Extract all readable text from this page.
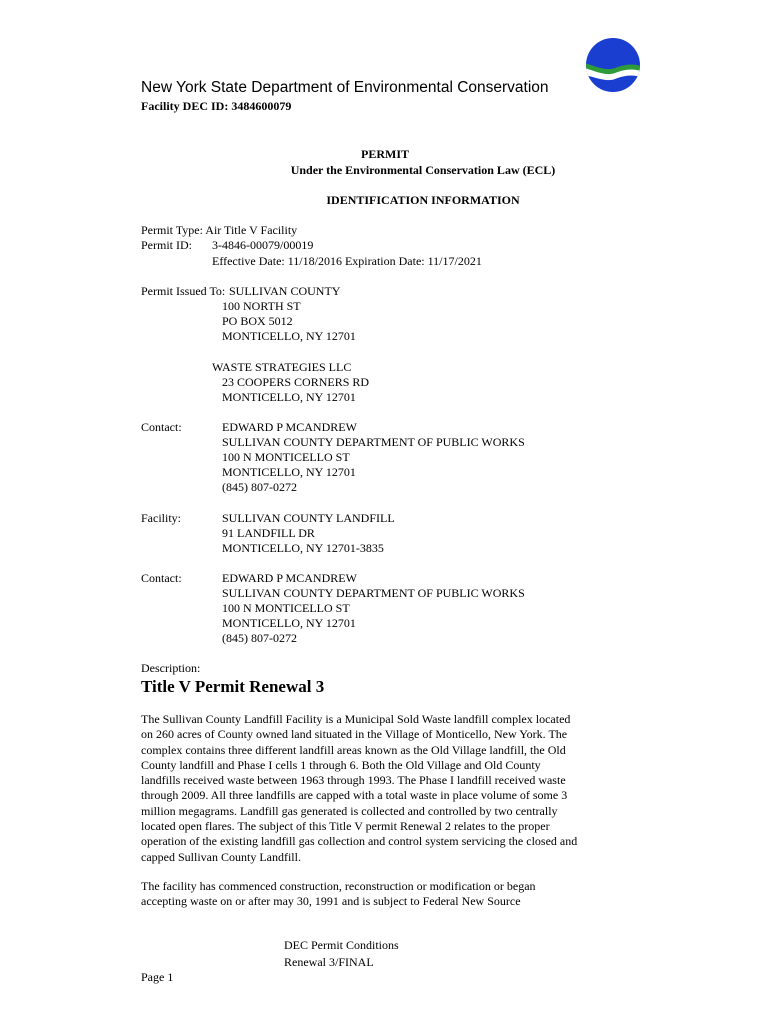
New York State Department of Environmental Conservation
Facility DEC ID: 3484600079
PERMIT
Under the Environmental Conservation Law (ECL)
IDENTIFICATION INFORMATION
Permit Type: Air Title V Facility
Permit ID: 3-4846-00079/00019
Effective Date: 11/18/2016 Expiration Date: 11/17/2021
Permit Issued To: SULLIVAN COUNTY
100 NORTH ST
PO BOX 5012
MONTICELLO, NY 12701
WASTE STRATEGIES LLC
23 COOPERS CORNERS RD
MONTICELLO, NY 12701
Contact:	EDWARD P MCANDREW
SULLIVAN COUNTY DEPARTMENT OF PUBLIC WORKS
100 N MONTICELLO ST
MONTICELLO, NY 12701
(845) 807-0272
Facility:	SULLIVAN COUNTY LANDFILL
91 LANDFILL DR
MONTICELLO, NY 12701-3835
Contact:	EDWARD P MCANDREW
SULLIVAN COUNTY DEPARTMENT OF PUBLIC WORKS
100 N MONTICELLO ST
MONTICELLO, NY 12701
(845) 807-0272
Description:
Title V Permit Renewal 3
The Sullivan County Landfill Facility is a Municipal Sold Waste landfill complex located
on 260 acres of County owned land situated in the Village of Monticello, New York. The
complex contains three different landfill areas known as the Old Village landfill, the Old
County landfill and Phase I cells 1 through 6. Both the Old Village and Old County
landfills received waste between 1963 through 1993. The Phase I landfill received waste
through 2009. All three landfills are capped with a total waste in place volume of some 3
million megagrams. Landfill gas generated is collected and controlled by two centrally
located open flares. The subject of this Title V permit Renewal 2 relates to the proper
operation of the existing landfill gas collection and control system servicing the closed and
capped Sullivan County Landfill.
The facility has commenced construction, reconstruction or modification or began
accepting waste on or after may 30, 1991 and is subject to Federal New Source
DEC Permit Conditions
Renewal 3/FINAL
Page 1
